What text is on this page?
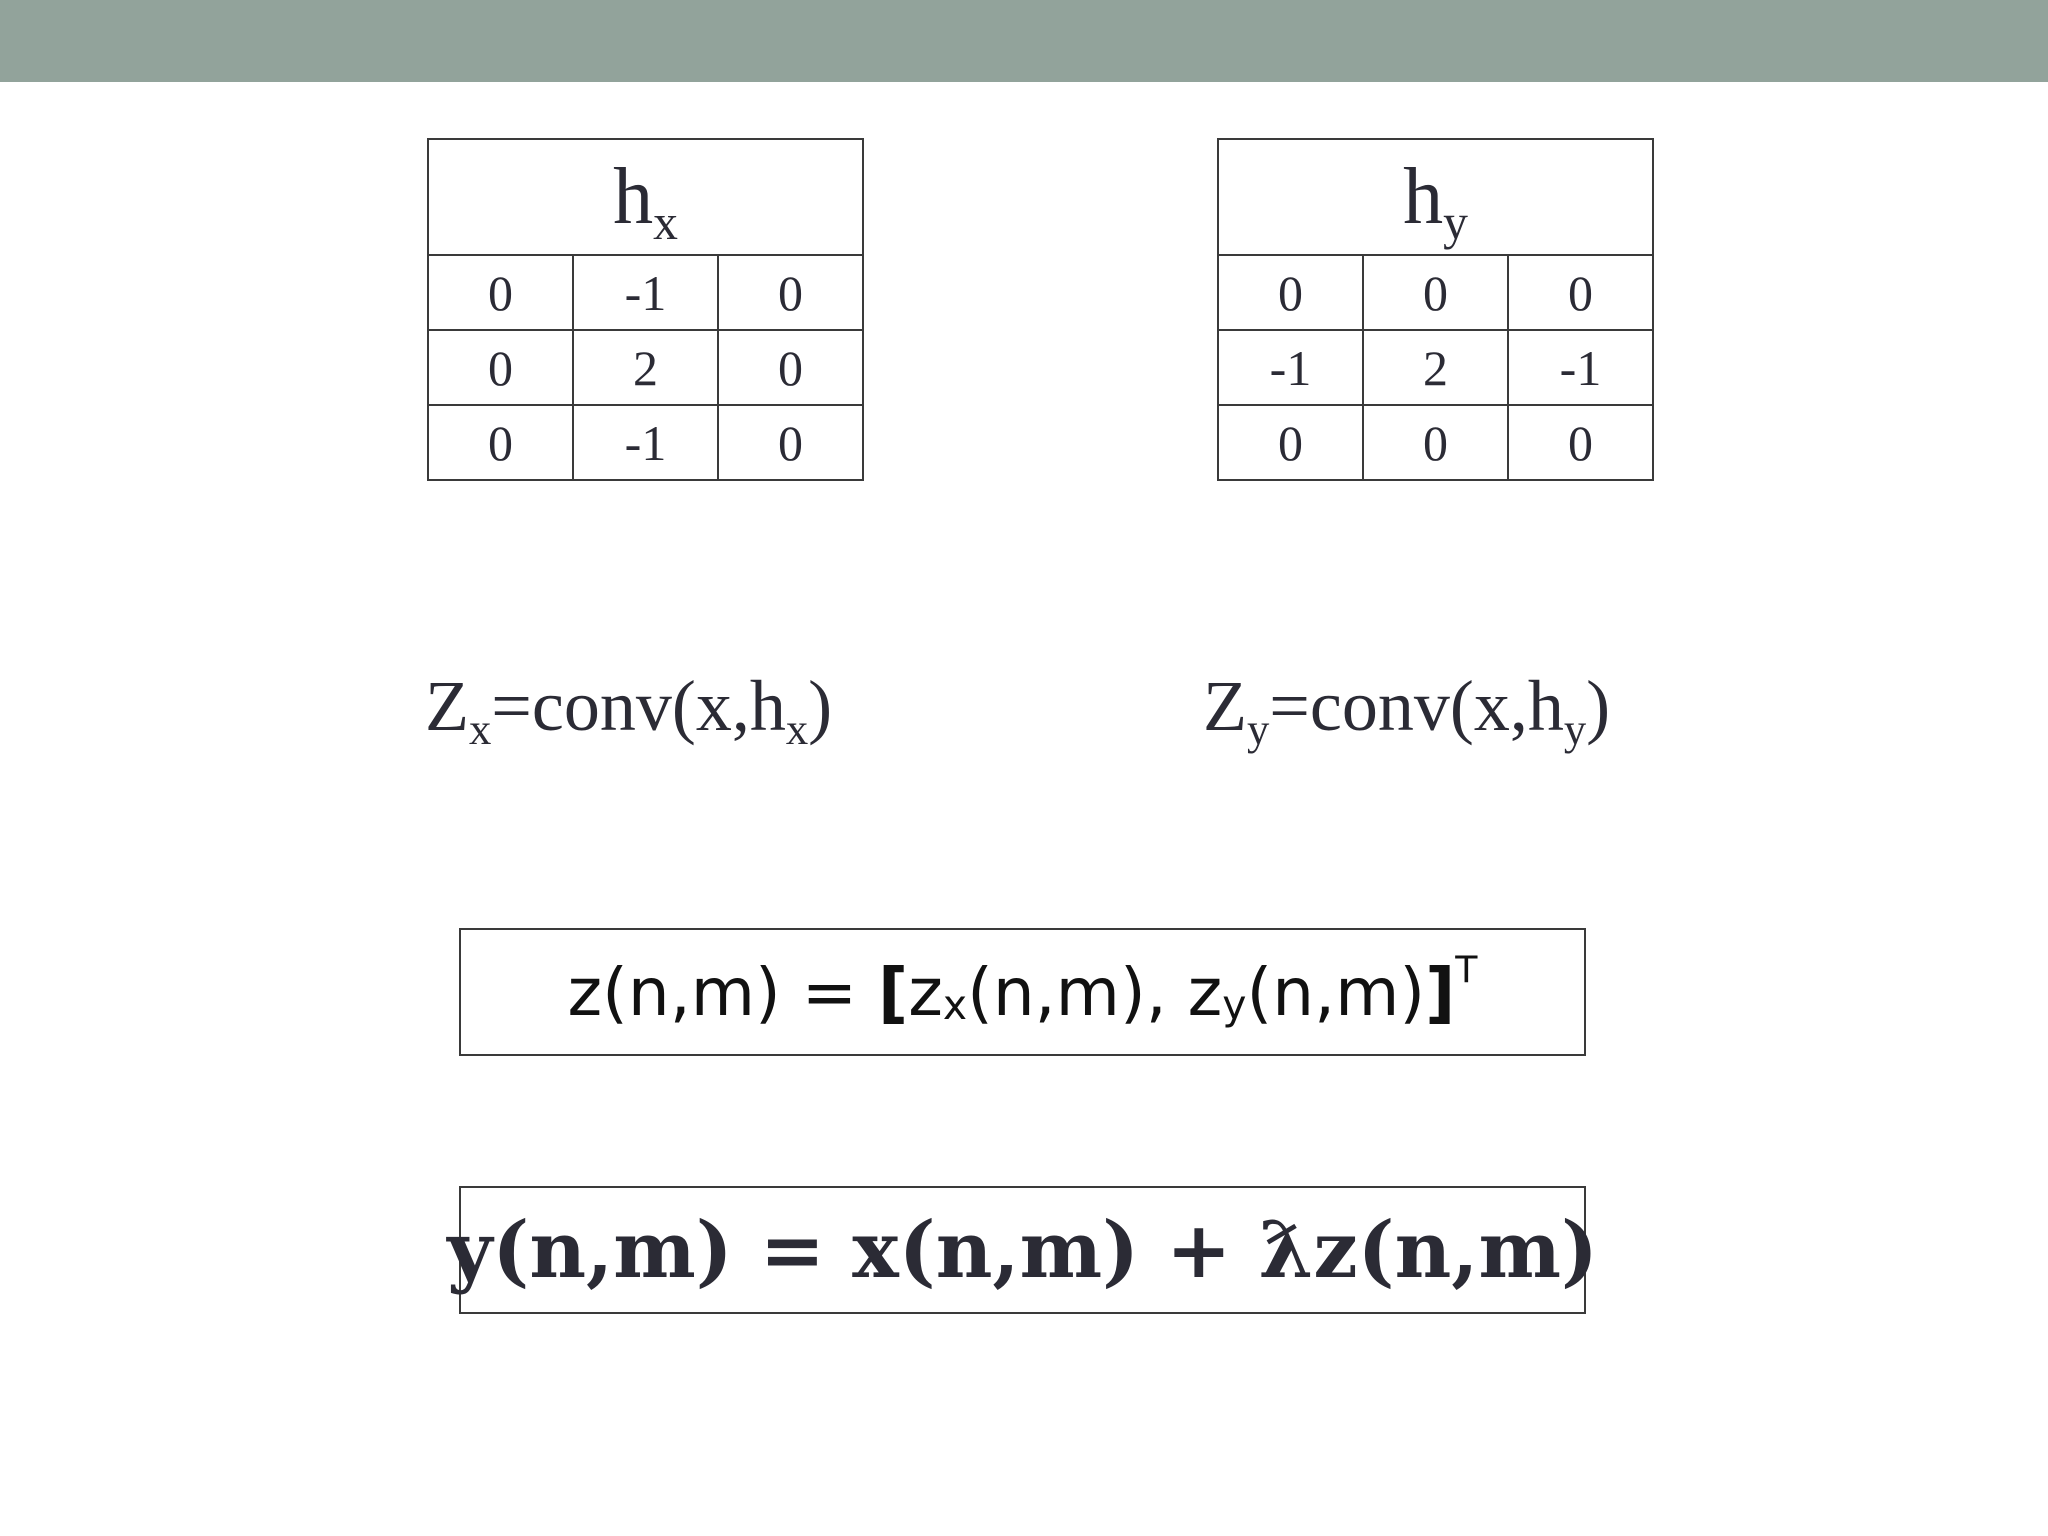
hx		
0	-1	0
0	2	0
0	-1	0
hy		
0	0	0
-1	2	-1
0	0	0
Zx=conv(x,hx)	Zy=conv(x,hy)
z(n,m) = [ z x (n,m), z y (n,m) ] T
y(n,m) = x(n,m) + ƛz(n,m)
